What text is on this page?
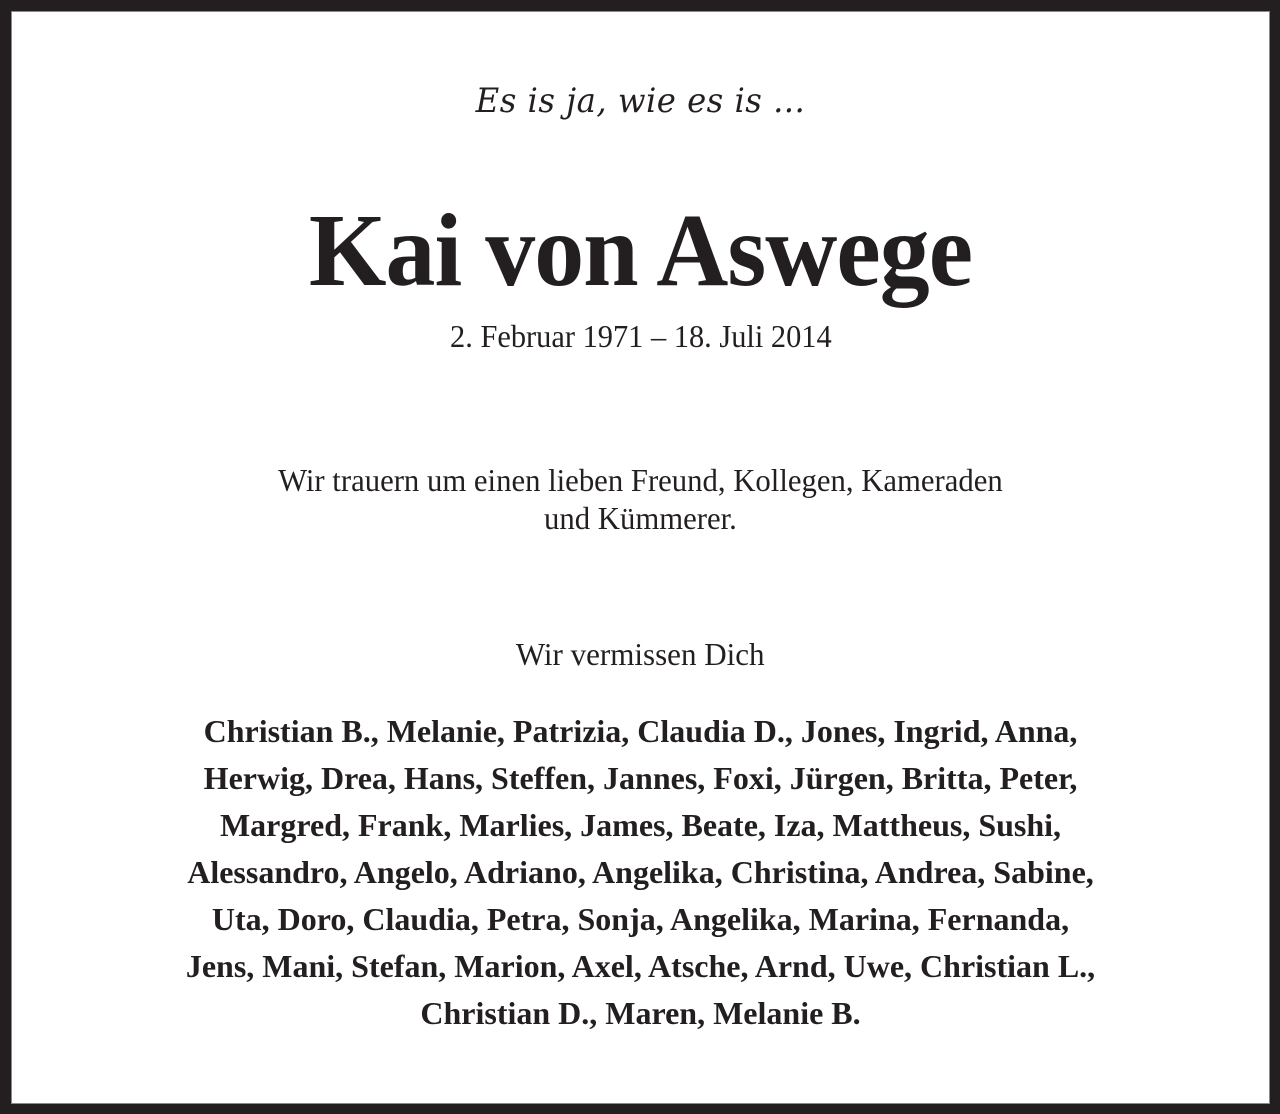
Es is ja, wie es is ...
Kai von Aswege
2. Februar 1971 – 18. Juli 2014
Wir trauern um einen lieben Freund, Kollegen, Kameraden
und Kümmerer.
Wir vermissen Dich
Christian B., Melanie, Patrizia, Claudia D., Jones, Ingrid, Anna,
Herwig, Drea, Hans, Steffen, Jannes, Foxi, Jürgen, Britta, Peter,
Margred, Frank, Marlies, James, Beate, Iza, Mattheus, Sushi,
Alessandro, Angelo, Adriano, Angelika, Christina, Andrea, Sabine,
Uta, Doro, Claudia, Petra, Sonja, Angelika, Marina, Fernanda,
Jens, Mani, Stefan, Marion, Axel, Atsche, Arnd, Uwe, Christian L.,
Christian D., Maren, Melanie B.
